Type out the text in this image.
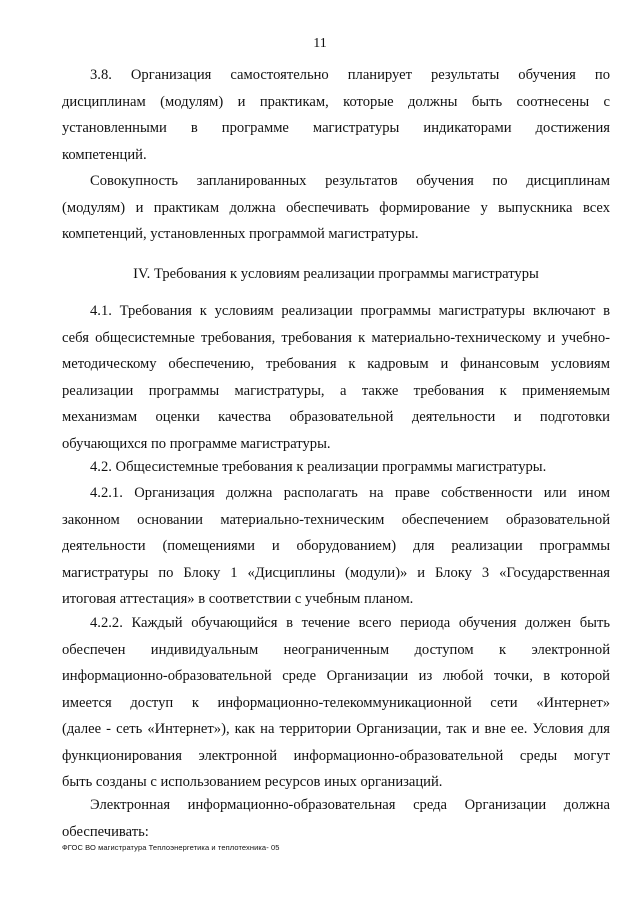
11

3.8. Организация самостоятельно планирует результаты обучения по
дисциплинам (модулям) и практикам, которые должны быть соотнесены с
установленными в программе магистратуры индикаторами достижения
компетенций.

Совокупность запланированных результатов обучения по дисциплинам
(модулям) и практикам должна обеспечивать формирование у выпускника всех
компетенций, установленных программой магистратуры.

IV. Требования к условиям реализации программы магистратуры

4.1. Требования к условиям реализации программы магистратуры включают в
себя общесистемные требования, требования к материально-техническому и учебно-
методическому обеспечению, требования к кадровым и финансовым условиям
реализации программы магистратуры, а также требования к применяемым
механизмам оценки качества образовательной деятельности и подготовки
обучающихся по программе магистратуры.

4.2. Общесистемные требования к реализации программы магистратуры.

4.2.1. Организация должна располагать на праве собственности или ином
законном основании материально-техническим обеспечением образовательной
деятельности (помещениями и оборудованием) для реализации программы
магистратуры по Блоку 1 «Дисциплины (модули)» и Блоку 3 «Государственная
итоговая аттестация» в соответствии с учебным планом.

4.2.2. Каждый обучающийся в течение всего периода обучения должен быть
обеспечен индивидуальным неограниченным доступом к электронной
информационно-образовательной среде Организации из любой точки, в которой
имеется доступ к информационно-телекоммуникационной сети «Интернет»
(далее - сеть «Интернет»), как на территории Организации, так и вне ее. Условия для
функционирования электронной информационно-образовательной среды могут
быть созданы с использованием ресурсов иных организаций.

Электронная информационно-образовательная среда Организации должна
обеспечивать:

ФГОС ВО магистратура Теплоэнергетика и теплотехника- 05
